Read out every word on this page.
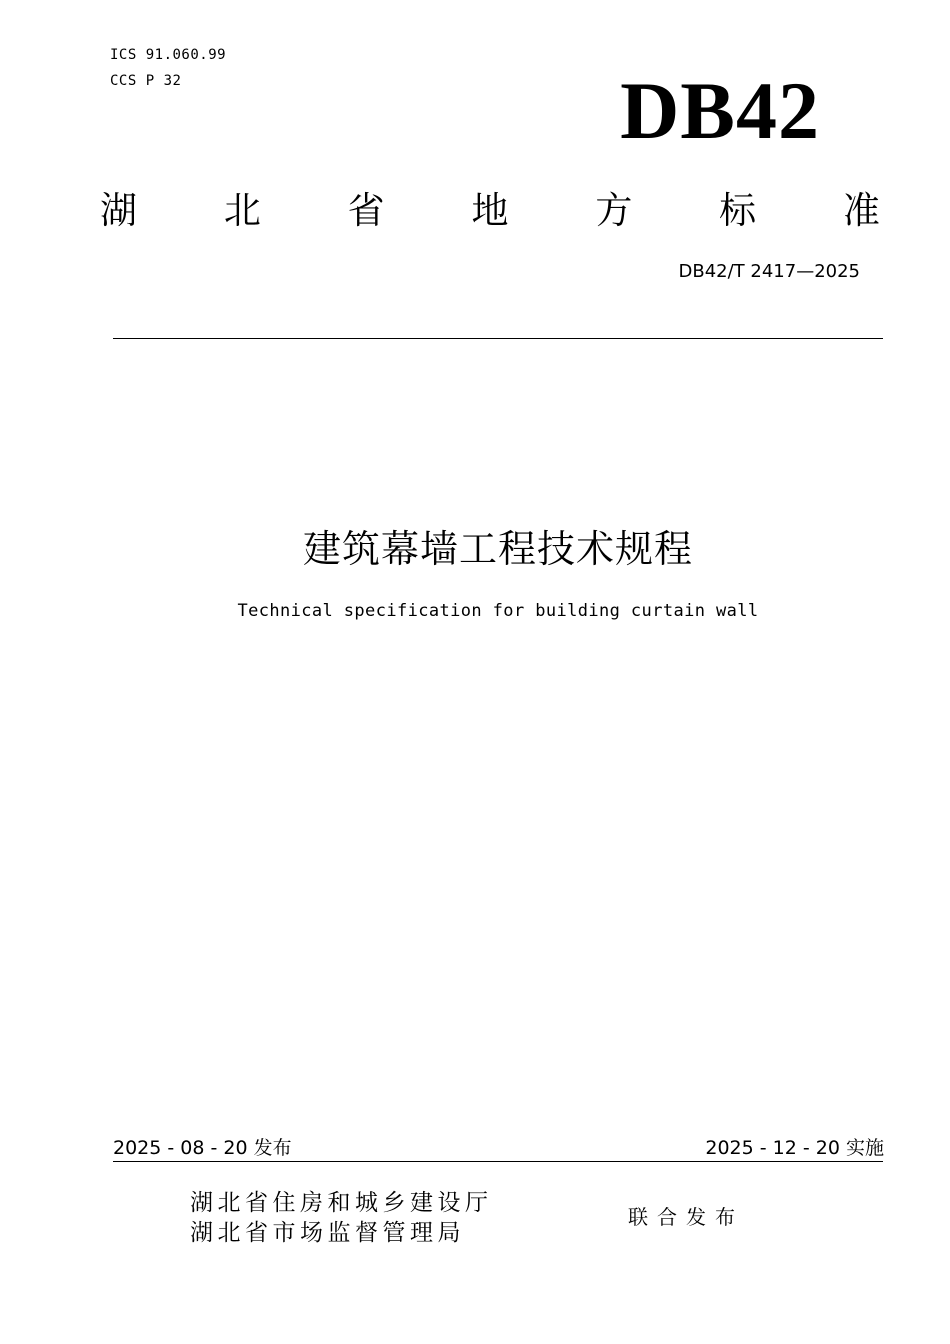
ICS 91.060.99
CCS P 32	DB42
湖 北 省 地 方 标 准
DB42/T 2417—2025
建筑幕墙工程技术规程
Technical specification for building curtain wall
2025 - 08 - 20 发布	2025 - 12 - 20 实施
湖北省住房和城乡建设厅
湖北省市场监督管理局
联合发布
